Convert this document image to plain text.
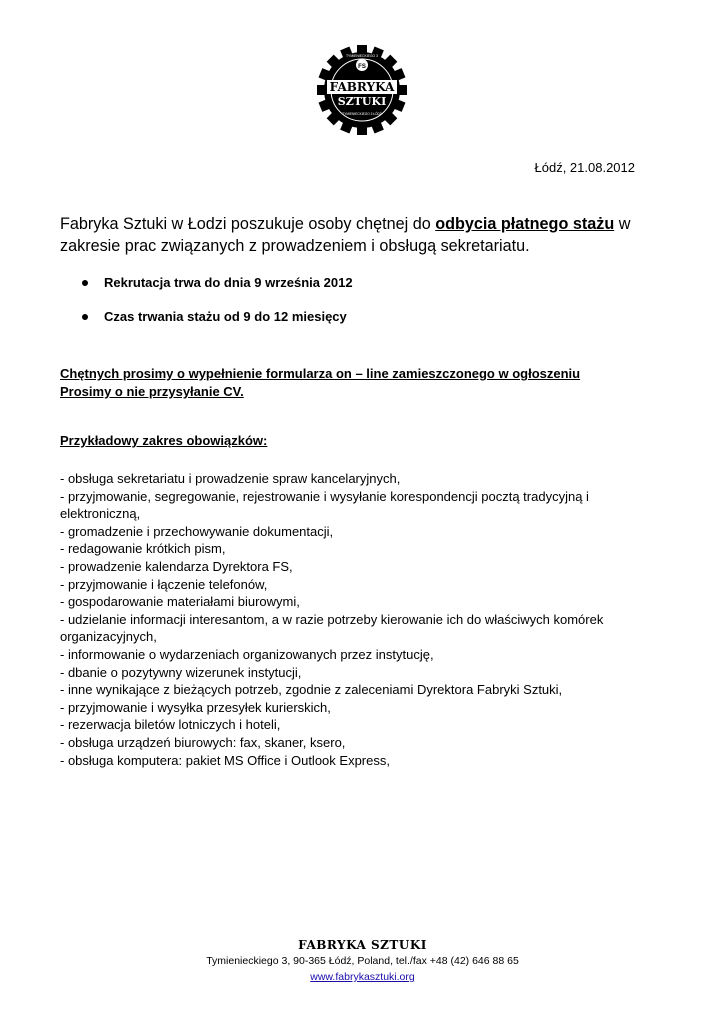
FS
FABRYKA
SZTUKI
TYMIENIECKIEGO 3
TYMIENIECKIEGO 3 ŁÓDŹ
Łódź, 21.08.2012

Fabryka Sztuki w Łodzi poszukuje osoby chętnej do odbycia płatnego stażu w zakresie prac związanych z prowadzeniem i obsługą sekretariatu.

Rekrutacja trwa do dnia 9 września 2012
Czas trwania stażu od 9 do 12 miesięcy
Chętnych prosimy o wypełnienie formularza on – line zamieszczonego w ogłoszeniu
Prosimy o nie przysyłanie CV.
Przykładowy zakres obowiązków:
- obsługa sekretariatu i prowadzenie spraw kancelaryjnych,
- przyjmowanie, segregowanie, rejestrowanie i wysyłanie korespondencji pocztą tradycyjną i elektroniczną,
- gromadzenie i przechowywanie dokumentacji,
- redagowanie krótkich pism,
- prowadzenie kalendarza Dyrektora FS,
- przyjmowanie i łączenie telefonów,
- gospodarowanie materiałami biurowymi,
- udzielanie informacji interesantom, a w razie potrzeby kierowanie ich do właściwych komórek organizacyjnych,
- informowanie o wydarzeniach organizowanych przez instytucję,
- dbanie o pozytywny wizerunek instytucji,
- inne wynikające z bieżących potrzeb, zgodnie z zaleceniami Dyrektora Fabryki Sztuki,
- przyjmowanie i wysyłka przesyłek kurierskich,
- rezerwacja biletów lotniczych i hoteli,
- obsługa urządzeń biurowych: fax, skaner, ksero,
- obsługa komputera: pakiet MS Office i Outlook Express,
FABRYKA SZTUKI
Tymienieckiego 3, 90-365 Łódź, Poland, tel./fax +48 (42) 646 88 65
www.fabrykasztuki.org
